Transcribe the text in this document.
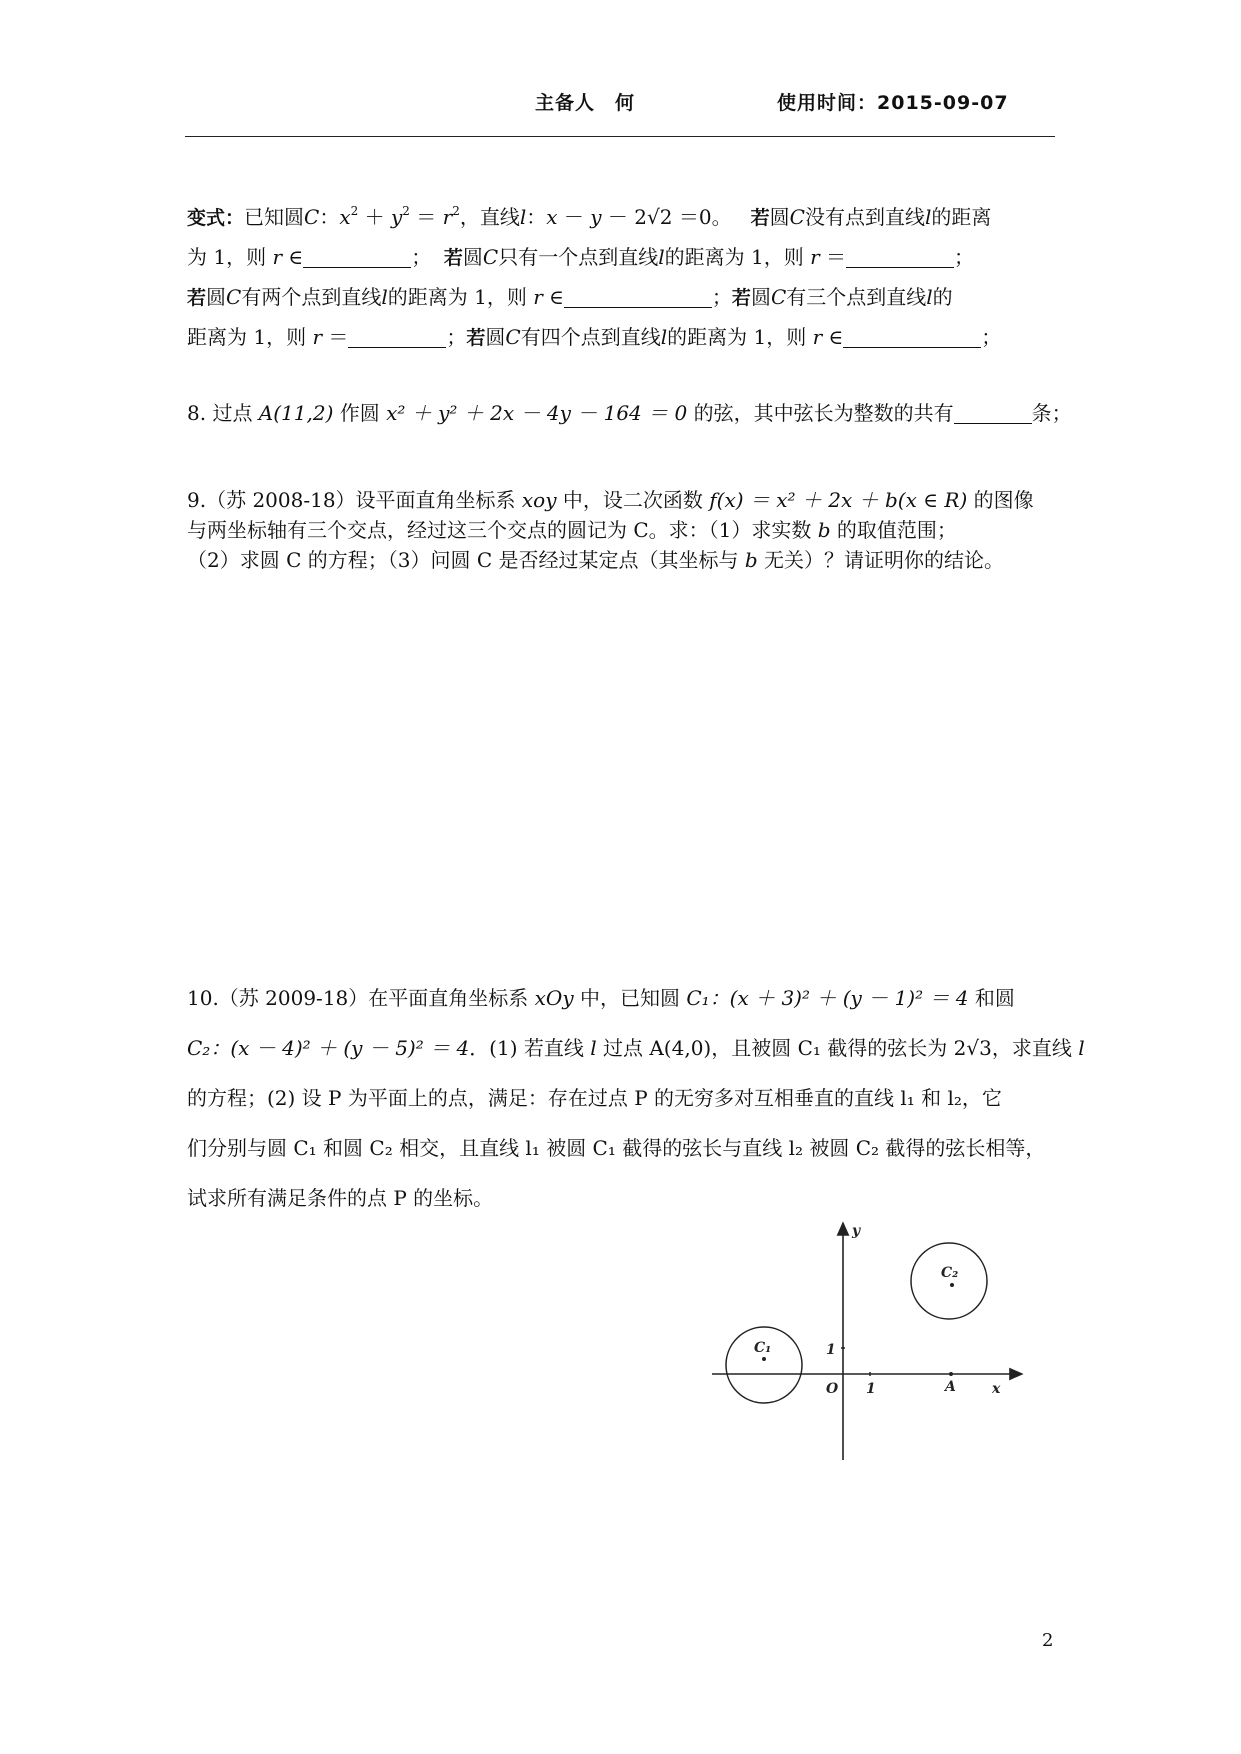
主备人　何	使用时间：2015-09-07
变式：已知圆C：$x^2 + y^2 = r^2$，直线l：x － y － 2√2 ＝0。 若圆C没有点到直线l的距离
为 1，则 r ∈	； 若圆C只有一个点到直线l的距离为 1，则 r ＝	；
若圆C有两个点到直线l的距离为 1，则 r ∈	；若圆C有三个点到直线l的
距离为 1，则 r ＝	；若圆C有四个点到直线l的距离为 1，则 r ∈	；
8. 过点 A(11,2) 作圆 x² ＋ y² ＋ 2x － 4y － 164 ＝ 0 的弦，其中弦长为整数的共有	条；
9.（苏 2008-18）设平面直角坐标系 xoy 中，设二次函数 f(x) ＝ x² ＋ 2x ＋ b(x ∈ R) 的图像
与两坐标轴有三个交点，经过这三个交点的圆记为 C。求：（1）求实数 b 的取值范围；
（2）求圆 C 的方程；（3）问圆 C 是否经过某定点（其坐标与 b 无关）？请证明你的结论。
10.（苏 2009-18）在平面直角坐标系 xOy 中，已知圆 C₁：(x ＋ 3)² ＋ (y － 1)² ＝ 4 和圆
C₂：(x － 4)² ＋ (y － 5)² ＝ 4．(1) 若直线 l 过点 A(4,0)，且被圆 C₁ 截得的弦长为 2√3，求直线 l
的方程；(2) 设 P 为平面上的点，满足：存在过点 P 的无穷多对互相垂直的直线 l₁ 和 l₂，它
们分别与圆 C₁ 和圆 C₂ 相交，且直线 l₁ 被圆 C₁ 截得的弦长与直线 l₂ 被圆 C₂ 截得的弦长相等，
试求所有满足条件的点 P 的坐标。
y
x
O 1
1
A
C₁
C₂
2
